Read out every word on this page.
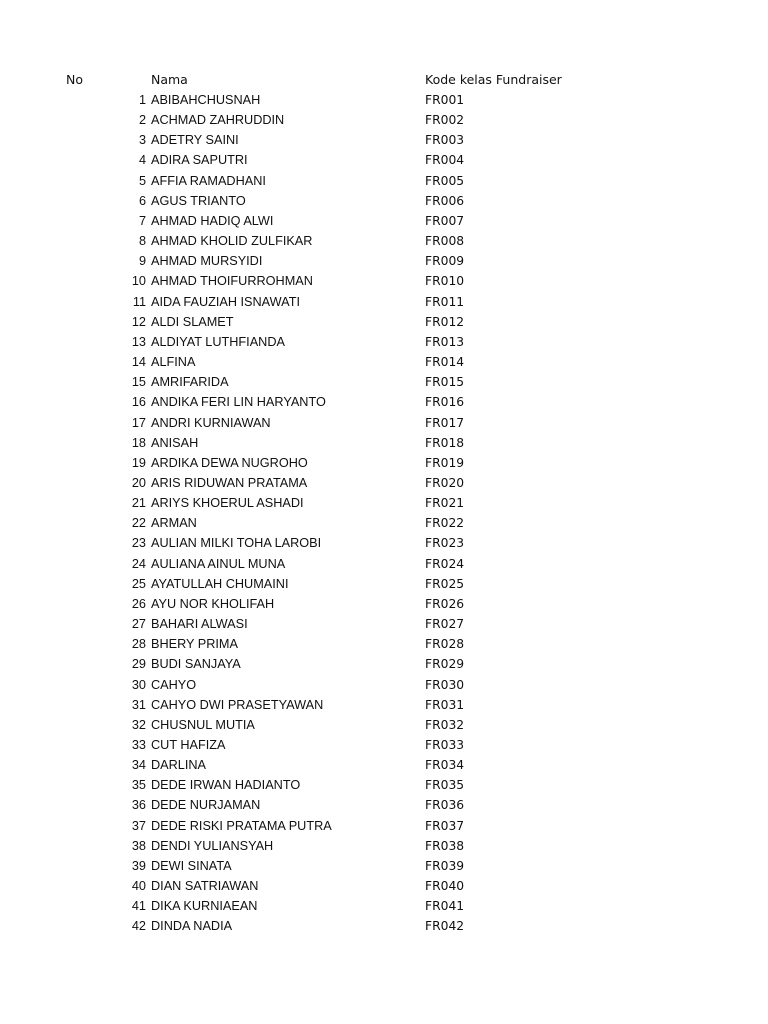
No	Nama	Kode kelas Fundraiser
1 ABIBAHCHUSNAH	FR001
2 ACHMAD ZAHRUDDIN	FR002
3 ADETRY SAINI	FR003
4 ADIRA SAPUTRI	FR004
5 AFFIA RAMADHANI	FR005
6 AGUS TRIANTO	FR006
7 AHMAD HADIQ ALWI	FR007
8 AHMAD KHOLID ZULFIKAR	FR008
9 AHMAD MURSYIDI	FR009
10 AHMAD THOIFURROHMAN	FR010
11 AIDA FAUZIAH ISNAWATI	FR011
12 ALDI SLAMET	FR012
13 ALDIYAT LUTHFIANDA	FR013
14 ALFINA	FR014
15 AMRIFARIDA	FR015
16 ANDIKA FERI LIN HARYANTO	FR016
17 ANDRI KURNIAWAN	FR017
18 ANISAH	FR018
19 ARDIKA DEWA NUGROHO	FR019
20 ARIS RIDUWAN PRATAMA	FR020
21 ARIYS KHOERUL ASHADI	FR021
22 ARMAN	FR022
23 AULIAN MILKI TOHA LAROBI	FR023
24 AULIANA AINUL MUNA	FR024
25 AYATULLAH CHUMAINI	FR025
26 AYU NOR KHOLIFAH	FR026
27 BAHARI ALWASI	FR027
28 BHERY PRIMA	FR028
29 BUDI SANJAYA	FR029
30 CAHYO	FR030
31 CAHYO DWI PRASETYAWAN	FR031
32 CHUSNUL MUTIA	FR032
33 CUT HAFIZA	FR033
34 DARLINA	FR034
35 DEDE IRWAN HADIANTO	FR035
36 DEDE NURJAMAN	FR036
37 DEDE RISKI PRATAMA PUTRA	FR037
38 DENDI YULIANSYAH	FR038
39 DEWI SINATA	FR039
40 DIAN SATRIAWAN	FR040
41 DIKA KURNIAEAN	FR041
42 DINDA NADIA	FR042
